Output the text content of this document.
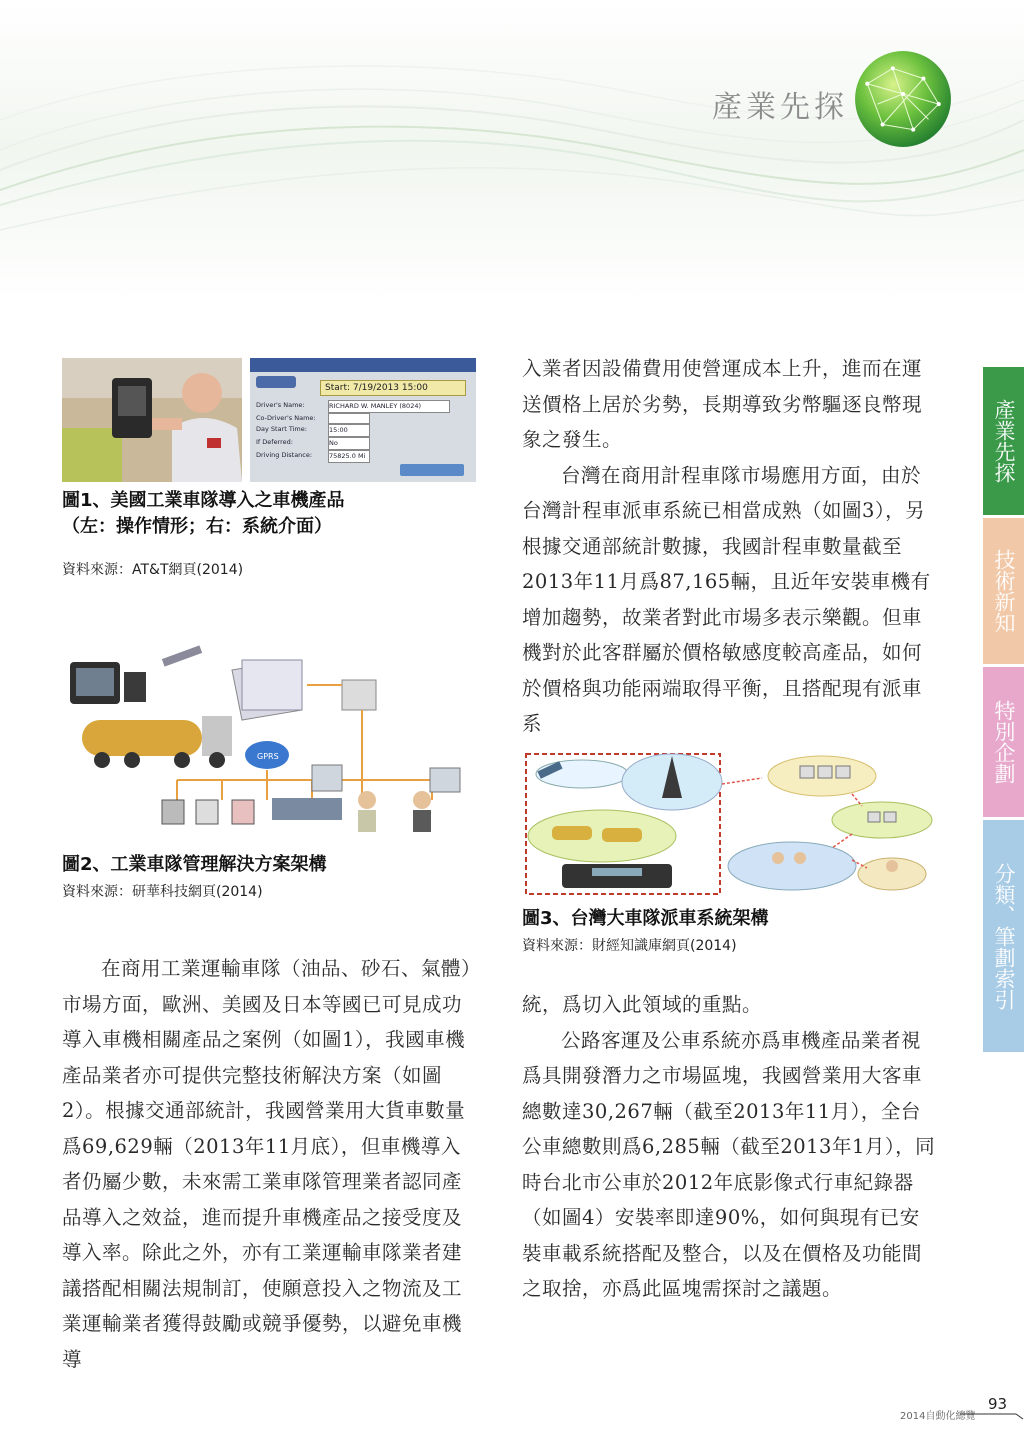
產業先探
產業先探
技術新知
特別企劃
分類、筆劃索引
Start: 7/19/2013 15:00
Driver's Name:	RICHARD W. MANLEY (8024)
Co-Driver's Name:
Day Start Time:	15:00
If Deferred:	No
Driving Distance:	75825.0 Mi
圖1、美國工業車隊導入之車機產品
（左：操作情形；右：系統介面）
資料來源：AT&T網頁(2014)
GPRS
圖2、工業車隊管理解決方案架構
資料來源：研華科技網頁(2014)

在商用工業運輸車隊（油品、砂石、氣體）市場方面，歐洲、美國及日本等國已可見成功導入車機相關產品之案例（如圖1），我國車機產品業者亦可提供完整技術解決方案（如圖2）。根據交通部統計，我國營業用大貨車數量爲69,629輛（2013年11月底），但車機導入者仍屬少數，未來需工業車隊管理業者認同產品導入之效益，進而提升車機產品之接受度及導入率。除此之外，亦有工業運輸車隊業者建議搭配相關法規制訂，使願意投入之物流及工業運輸業者獲得鼓勵或競爭優勢，以避免車機導

入業者因設備費用使營運成本上升，進而在運送價格上居於劣勢，長期導致劣幣驅逐良幣現象之發生。

台灣在商用計程車隊市場應用方面，由於台灣計程車派車系統已相當成熟（如圖3），另根據交通部統計數據，我國計程車數量截至2013年11月爲87,165輛，且近年安裝車機有增加趨勢，故業者對此市場多表示樂觀。但車機對於此客群屬於價格敏感度較高產品，如何於價格與功能兩端取得平衡，且搭配現有派車系

圖3、台灣大車隊派車系統架構
資料來源：財經知識庫網頁(2014)

統，爲切入此領域的重點。

公路客運及公車系統亦爲車機產品業者視爲具開發潛力之市場區塊，我國營業用大客車總數達30,267輛（截至2013年11月），全台公車總數則爲6,285輛（截至2013年1月），同時台北市公車於2012年底影像式行車紀錄器（如圖4）安裝率即達90%，如何與現有已安裝車載系統搭配及整合，以及在價格及功能間之取捨，亦爲此區塊需探討之議題。

2014自動化總覽
93
